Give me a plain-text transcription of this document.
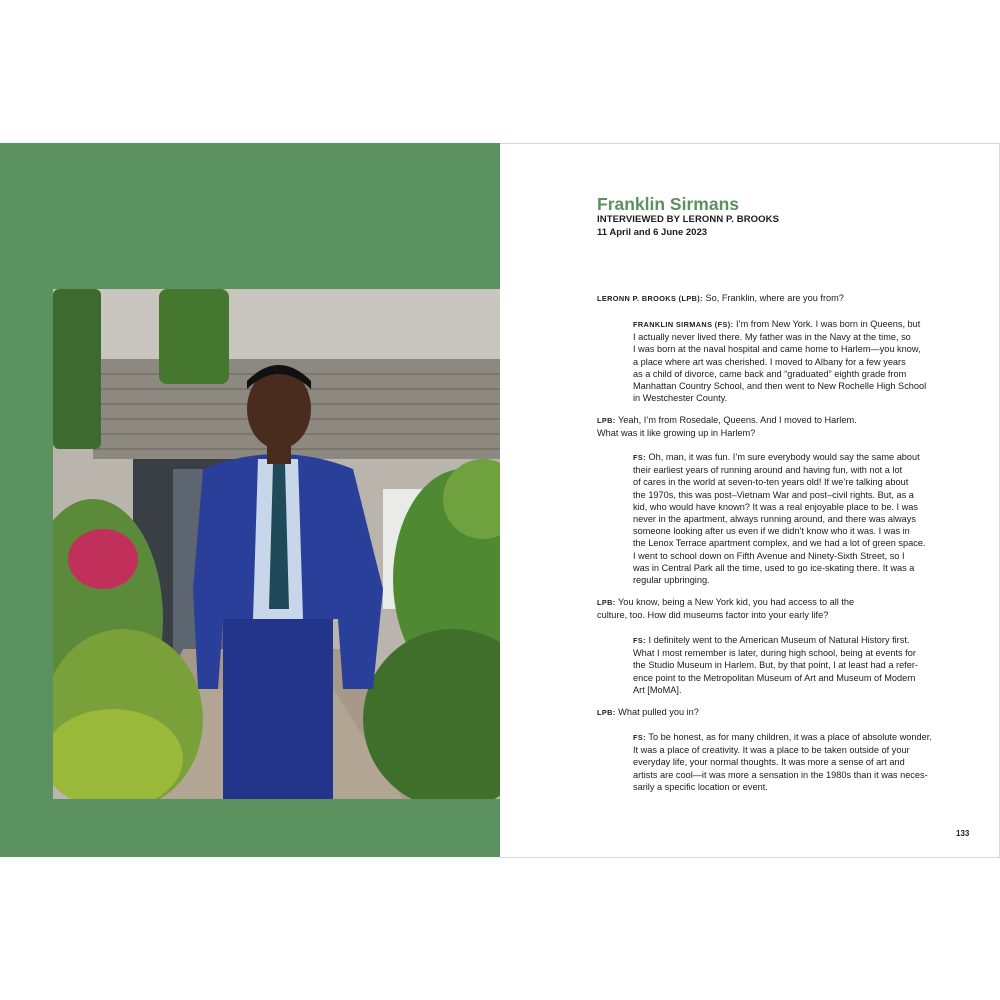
Franklin Sirmans
INTERVIEWED BY LERONN P. BROOKS
11 April and 6 June 2023

LERONN P. BROOKS (LPB): So, Franklin, where are you from?

FRANKLIN SIRMANS (FS): I’m from New York. I was born in Queens, but

I actually never lived there. My father was in the Navy at the time, so

I was born at the naval hospital and came home to Harlem—you know,

a place where art was cherished. I moved to Albany for a few years

as a child of divorce, came back and “graduated” eighth grade from

Manhattan Country School, and then went to New Rochelle High School

in Westchester County.

LPB: Yeah, I’m from Rosedale, Queens. And I moved to Harlem.

What was it like growing up in Harlem?

FS: Oh, man, it was fun. I’m sure everybody would say the same about

their earliest years of running around and having fun, with not a lot

of cares in the world at seven-to-ten years old! If we’re talking about

the 1970s, this was post–Vietnam War and post–civil rights. But, as a

kid, who would have known? It was a real enjoyable place to be. I was

never in the apartment, always running around, and there was always

someone looking after us even if we didn’t know who it was. I was in

the Lenox Terrace apartment complex, and we had a lot of green space.

I went to school down on Fifth Avenue and Ninety-Sixth Street, so I

was in Central Park all the time, used to go ice-skating there. It was a

regular upbringing.

LPB: You know, being a New York kid, you had access to all the

culture, too. How did museums factor into your early life?

FS: I definitely went to the American Museum of Natural History first.

What I most remember is later, during high school, being at events for

the Studio Museum in Harlem. But, by that point, I at least had a refer-

ence point to the Metropolitan Museum of Art and Museum of Modern

Art [MoMA].

LPB: What pulled you in?

FS: To be honest, as for many children, it was a place of absolute wonder.

It was a place of creativity. It was a place to be taken outside of your

everyday life, your normal thoughts. It was more a sense of art and

artists are cool—it was more a sensation in the 1980s than it was neces-

sarily a specific location or event.

133
